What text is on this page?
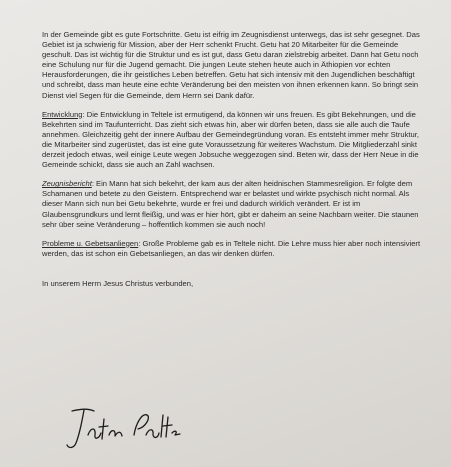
In der Gemeinde gibt es gute Fortschritte. Getu ist eifrig im Zeugnisdienst unterwegs, das ist sehr gesegnet. Das Gebiet ist ja schwierig für Mission, aber der Herr schenkt Frucht. Getu hat 20 Mitarbeiter für die Gemeinde geschult. Das ist wichtig für die Struktur und es ist gut, dass Getu daran zielstrebig arbeitet. Dann hat Getu noch eine Schulung nur für die Jugend gemacht. Die jungen Leute stehen heute auch in Äthiopien vor echten Herausforderungen, die ihr geistliches Leben betreffen. Getu hat sich intensiv mit den Jugendlichen beschäftigt und schreibt, dass man heute eine echte Veränderung bei den meisten von ihnen erkennen kann. So bringt sein Dienst viel Segen für die Gemeinde, dem Herrn sei Dank dafür.

Entwicklung: Die Entwicklung in Teltele ist ermutigend, da können wir uns freuen. Es gibt Bekehrungen, und die Bekehrten sind im Taufunterricht. Das zieht sich etwas hin, aber wir dürfen beten, dass sie alle auch die Taufe annehmen. Gleichzeitig geht der innere Aufbau der Gemeindegründung voran. Es entsteht immer mehr Struktur, die Mitarbeiter sind zugerüstet, das ist eine gute Voraussetzung für weiteres Wachstum. Die Mitgliederzahl sinkt derzeit jedoch etwas, weil einige Leute wegen Jobsuche weggezogen sind. Beten wir, dass der Herr Neue in die Gemeinde schickt, dass sie auch an Zahl wachsen.

Zeugnisbericht: Ein Mann hat sich bekehrt, der kam aus der alten heidnischen Stammesreligion. Er folgte dem Schamanen und betete zu den Geistern. Entsprechend war er belastet und wirkte psychisch nicht normal. Als dieser Mann sich nun bei Getu bekehrte, wurde er frei und dadurch wirklich verändert. Er ist im Glaubensgrundkurs und lernt fleißig, und was er hier hört, gibt er daheim an seine Nachbarn weiter. Die staunen sehr über seine Veränderung – hoffentlich kommen sie auch noch!

Probleme u. Gebetsanliegen: Große Probleme gab es in Teltele nicht. Die Lehre muss hier aber noch intensiviert werden, das ist schon ein Gebetsanliegen, an das wir denken dürfen.

In unserem Herrn Jesus Christus verbunden,
